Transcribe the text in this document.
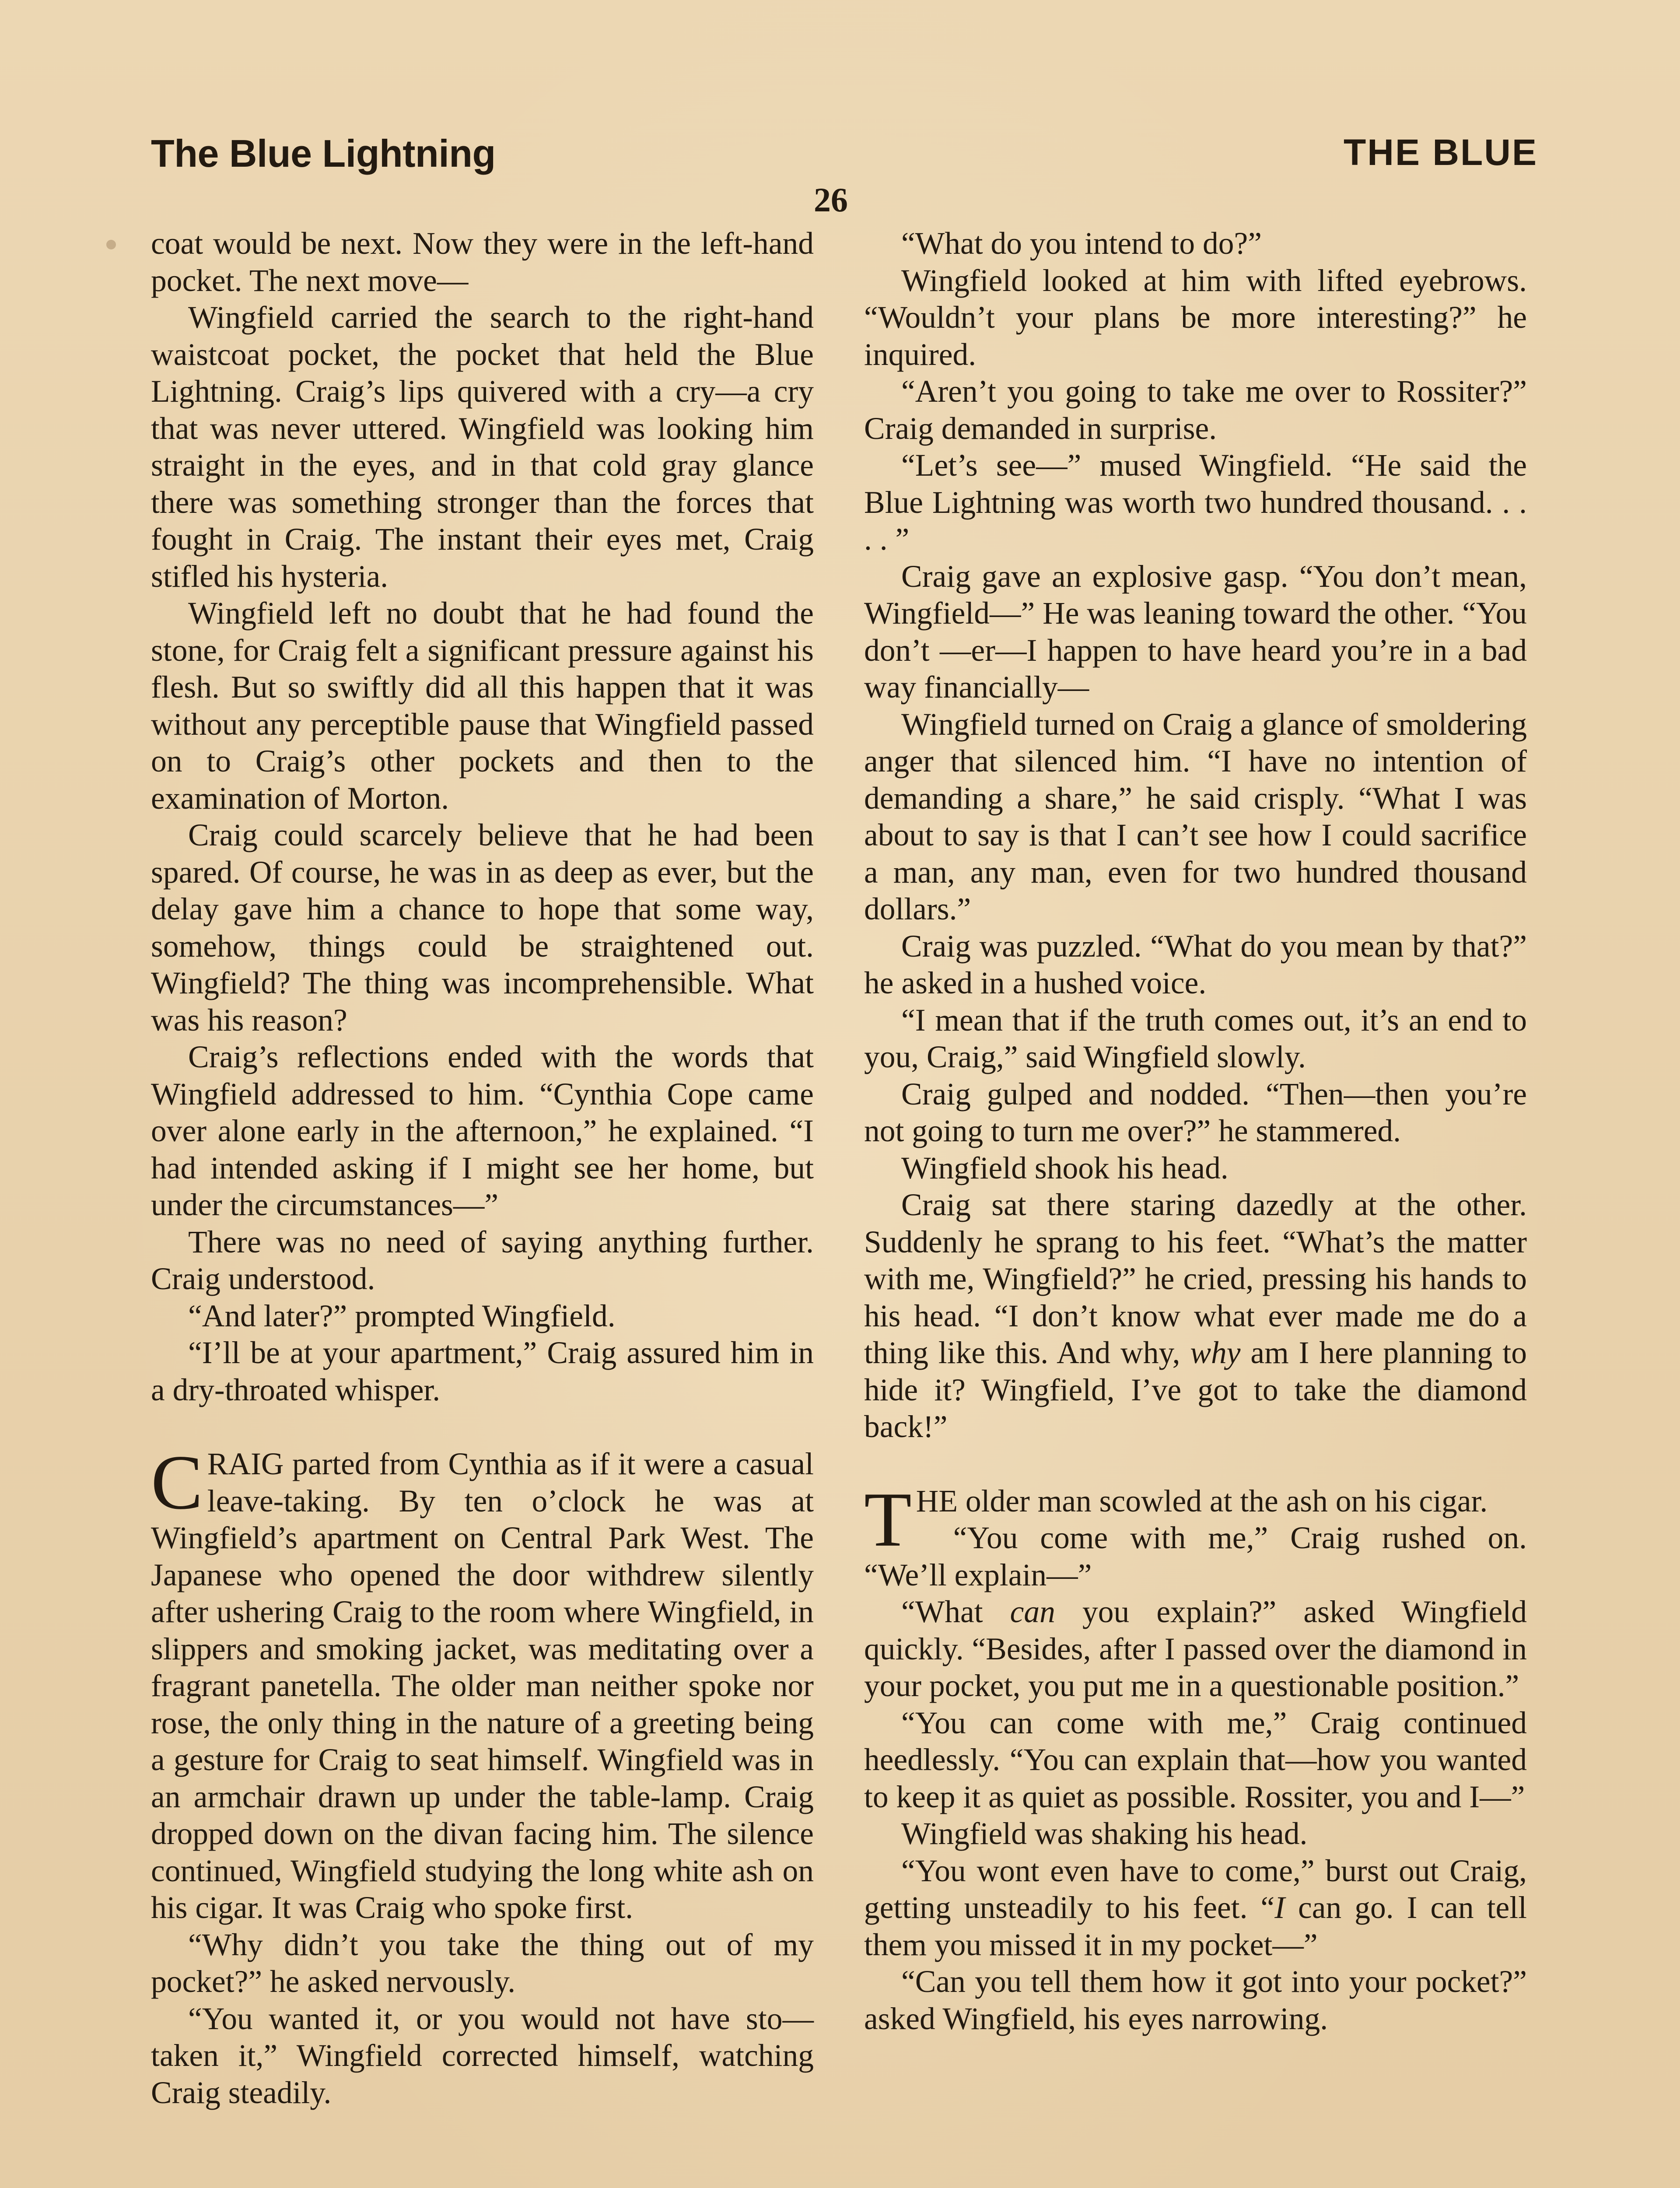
The Blue Lightning	THE BLUE
26

coat would be next. Now they were in the left-hand pocket. The next move—

Wingfield carried the search to the right-hand waistcoat pocket, the pocket that held the Blue Lightning. Craig’s lips quivered with a cry—a cry that was never uttered. Wingfield was looking him straight in the eyes, and in that cold gray glance there was something stronger than the forces that fought in Craig. The instant their eyes met, Craig stifled his hysteria.

Wingfield left no doubt that he had found the stone, for Craig felt a significant pressure against his flesh. But so swiftly did all this happen that it was without any perceptible pause that Wingfield passed on to Craig’s other pockets and then to the examination of Morton.

Craig could scarcely believe that he had been spared. Of course, he was in as deep as ever, but the delay gave him a chance to hope that some way, somehow, things could be straightened out. Wingfield? The thing was incomprehensible. What was his reason?

Craig’s reflections ended with the words that Wingfield addressed to him. “Cynthia Cope came over alone early in the afternoon,” he explained. “I had intended asking if I might see her home, but under the circumstances—”

There was no need of saying anything further. Craig understood.

“And later?” prompted Wingfield.

“I’ll be at your apartment,” Craig assured him in a dry-throated whisper.

CRAIG parted from Cynthia as if it were a casual leave-taking. By ten o’clock he was at Wingfield’s apartment on Central Park West. The Japanese who opened the door withdrew silently after ushering Craig to the room where Wingfield, in slippers and smoking jacket, was meditating over a fragrant panetella. The older man neither spoke nor rose, the only thing in the nature of a greeting being a gesture for Craig to seat himself. Wingfield was in an armchair drawn up under the table-lamp. Craig dropped down on the divan facing him. The silence continued, Wingfield studying the long white ash on his cigar. It was Craig who spoke first.

“Why didn’t you take the thing out of my pocket?” he asked nervously.

“You wanted it, or you would not have sto—taken it,” Wingfield corrected himself, watching Craig steadily.

“What do you intend to do?”

Wingfield looked at him with lifted eyebrows. “Wouldn’t your plans be more interesting?” he inquired.

“Aren’t you going to take me over to Rossiter?” Craig demanded in surprise.

“Let’s see—” mused Wingfield. “He said the Blue Lightning was worth two hundred thousand. . . . . ”

Craig gave an explosive gasp. “You don’t mean, Wingfield—” He was leaning toward the other. “You don’t —er—I happen to have heard you’re in a bad way financially—

Wingfield turned on Craig a glance of smoldering anger that silenced him. “I have no intention of demanding a share,” he said crisply. “What I was about to say is that I can’t see how I could sacrifice a man, any man, even for two hundred thousand dollars.”

Craig was puzzled. “What do you mean by that?” he asked in a hushed voice.

“I mean that if the truth comes out, it’s an end to you, Craig,” said Wingfield slowly.

Craig gulped and nodded. “Then—then you’re not going to turn me over?” he stammered.

Wingfield shook his head.

Craig sat there staring dazedly at the other. Suddenly he sprang to his feet. “What’s the matter with me, Wingfield?” he cried, pressing his hands to his head. “I don’t know what ever made me do a thing like this. And why, why am I here planning to hide it? Wingfield, I’ve got to take the diamond back!”

THE older man scowled at the ash on his cigar.

“You come with me,” Craig rushed on. “We’ll explain—”

“What can you explain?” asked Wingfield quickly. “Besides, after I passed over the diamond in your pocket, you put me in a questionable position.”

“You can come with me,” Craig continued heedlessly. “You can explain that—how you wanted to keep it as quiet as possible. Rossiter, you and I—”

Wingfield was shaking his head.

“You wont even have to come,” burst out Craig, getting unsteadily to his feet. “I can go. I can tell them you missed it in my pocket—”

“Can you tell them how it got into your pocket?” asked Wingfield, his eyes narrowing.
